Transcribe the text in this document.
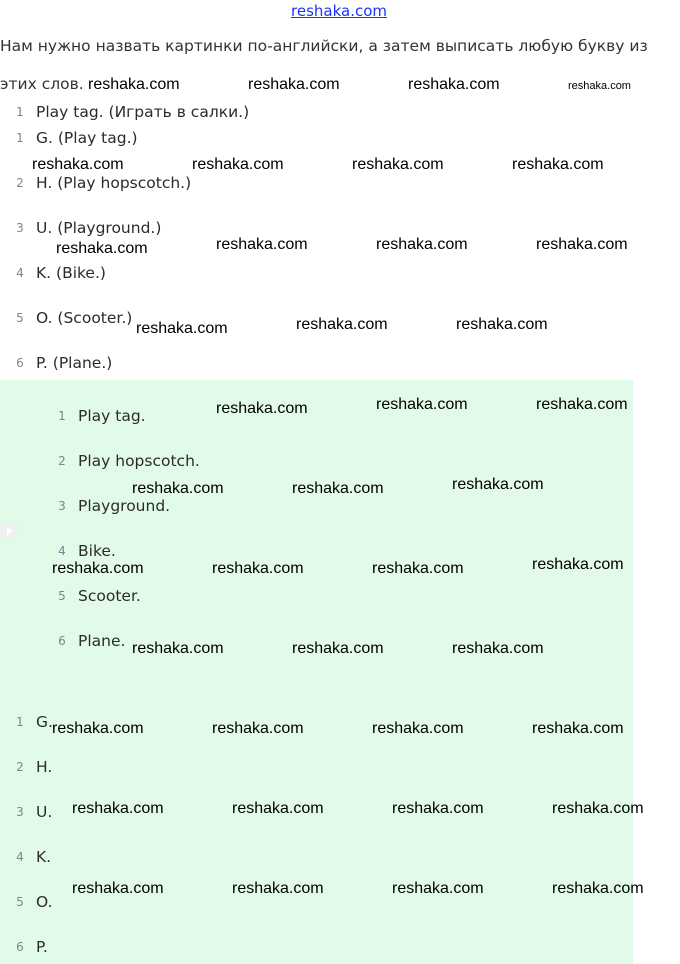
reshaka.com
Нам нужно назвать картинки по-английски, а затем выписать любую букву из этих слов.
1 Play tag. (Играть в салки.)
1 G. (Play tag.)
2 H. (Play hopscotch.)
3 U. (Playground.)
4 K. (Bike.)
5 O. (Scooter.)
6 P. (Plane.)
1 Play tag.
2 Play hopscotch.
3 Playground.
4 Bike.
5 Scooter.
6 Plane.
1 G.
2 H.
3 U.
4 K.
5 O.
6 P.
reshaka.com	reshaka.com	reshaka.com	reshaka.com
reshaka.com	reshaka.com	reshaka.com	reshaka.com
reshaka.com	reshaka.com	reshaka.com	reshaka.com
reshaka.com	reshaka.com	reshaka.com
reshaka.com	reshaka.com	reshaka.com
reshaka.com	reshaka.com	reshaka.com
reshaka.com	reshaka.com	reshaka.com	reshaka.com
reshaka.com	reshaka.com	reshaka.com
reshaka.com	reshaka.com	reshaka.com	reshaka.com
reshaka.com	reshaka.com	reshaka.com	reshaka.com
reshaka.com	reshaka.com	reshaka.com	reshaka.com
